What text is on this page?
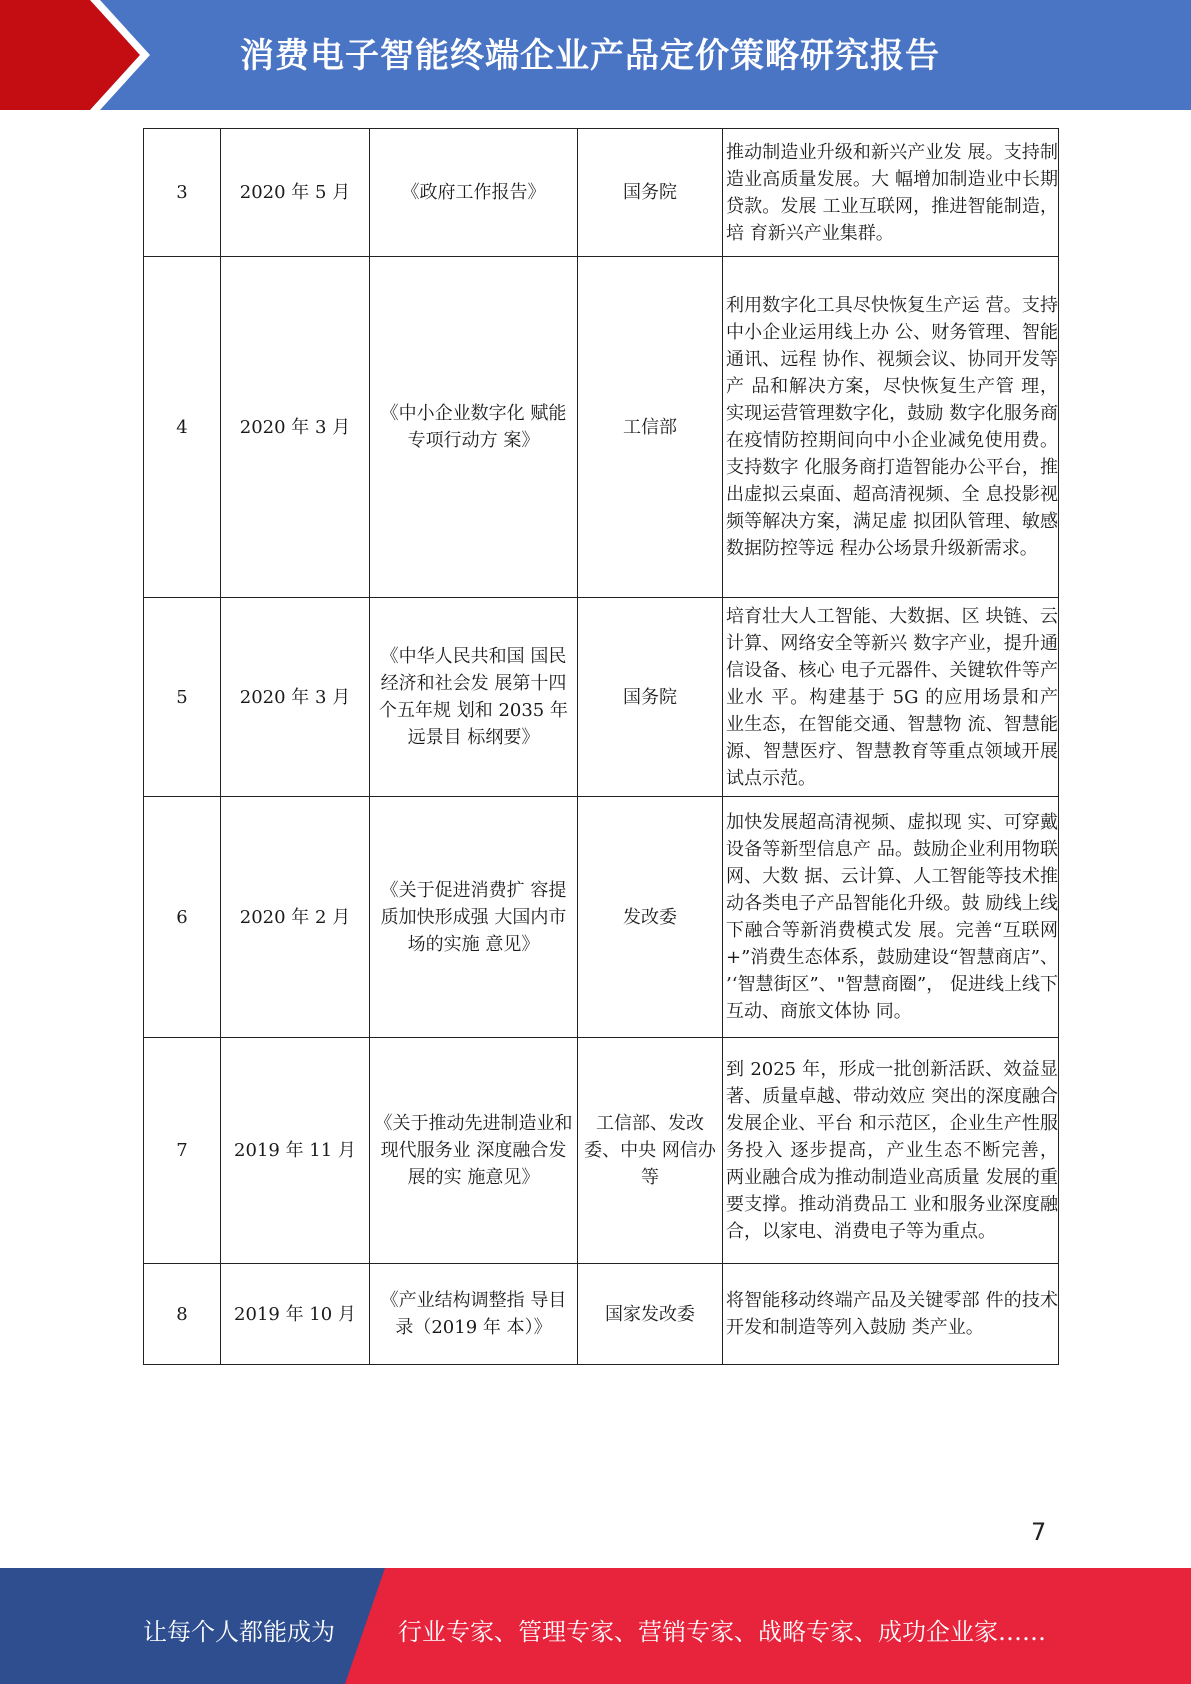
消费电子智能终端企业产品定价策略研究报告
3	2020 年 5 月	《政府工作报告》	国务院	推动制造业升级和新兴产业发 展。支持制造业高质量发展。大 幅增加制造业中长期贷款。发展 工业互联网，推进智能制造，培 育新兴产业集群。
4	2020 年 3 月	《中小企业数字化 赋能专项行动方 案》	工信部	利用数字化工具尽快恢复生产运 营。支持中小企业运用线上办 公、财务管理、智能通讯、远程 协作、视频会议、协同开发等产 品和解决方案，尽快恢复生产管 理，实现运营管理数字化，鼓励 数字化服务商在疫情防控期间向中小企业减免使用费。支持数字 化服务商打造智能办公平台，推 出虚拟云桌面、超高清视频、全 息投影视频等解决方案，满足虚 拟团队管理、敏感数据防控等远 程办公场景升级新需求。
5	2020 年 3 月	《中华人民共和国 国民经济和社会发 展第十四个五年规 划和 2035 年远景目 标纲要》	国务院	培育壮大人工智能、大数据、区 块链、云计算、网络安全等新兴 数字产业，提升通信设备、核心 电子元器件、关键软件等产业水 平。构建基于 5G 的应用场景和产 业生态，在智能交通、智慧物 流、智慧能源、智慧医疗、智慧教育等重点领域开展试点示范。
6	2020 年 2 月	《关于促进消费扩 容提质加快形成强 大国内市场的实施 意见》	发改委	加快发展超高清视频、虚拟现 实、可穿戴设备等新型信息产 品。鼓励企业利用物联网、大数 据、云计算、人工智能等技术推 动各类电子产品智能化升级。鼓 励线上线下融合等新消费模式发 展。完善“互联网+”消费生态体系，鼓励建设“智慧商店”、 ’‘智慧街区”、"智慧商圈”， 促进线上线下互动、商旅文体协 同。
7	2019 年 11 月	《关于推动先进制造业和现代服务业 深度融合发展的实 施意见》	工信部、发改委、中央 网信办等	到 2025 年，形成一批创新活跃、效益显著、质量卓越、带动效应 突出的深度融合发展企业、平台 和示范区，企业生产性服务投入 逐步提高，产业生态不断完善， 两业融合成为推动制造业高质量 发展的重要支撑。推动消费品工 业和服务业深度融合，以家电、消费电子等为重点。
8	2019 年 10 月	《产业结构调整指 导目录（2019 年 本）》	国家发改委	将智能移动终端产品及关键零部 件的技术开发和制造等列入鼓励 类产业。
7
让每个人都能成为	行业专家、管理专家、营销专家、战略专家、成功企业家……
